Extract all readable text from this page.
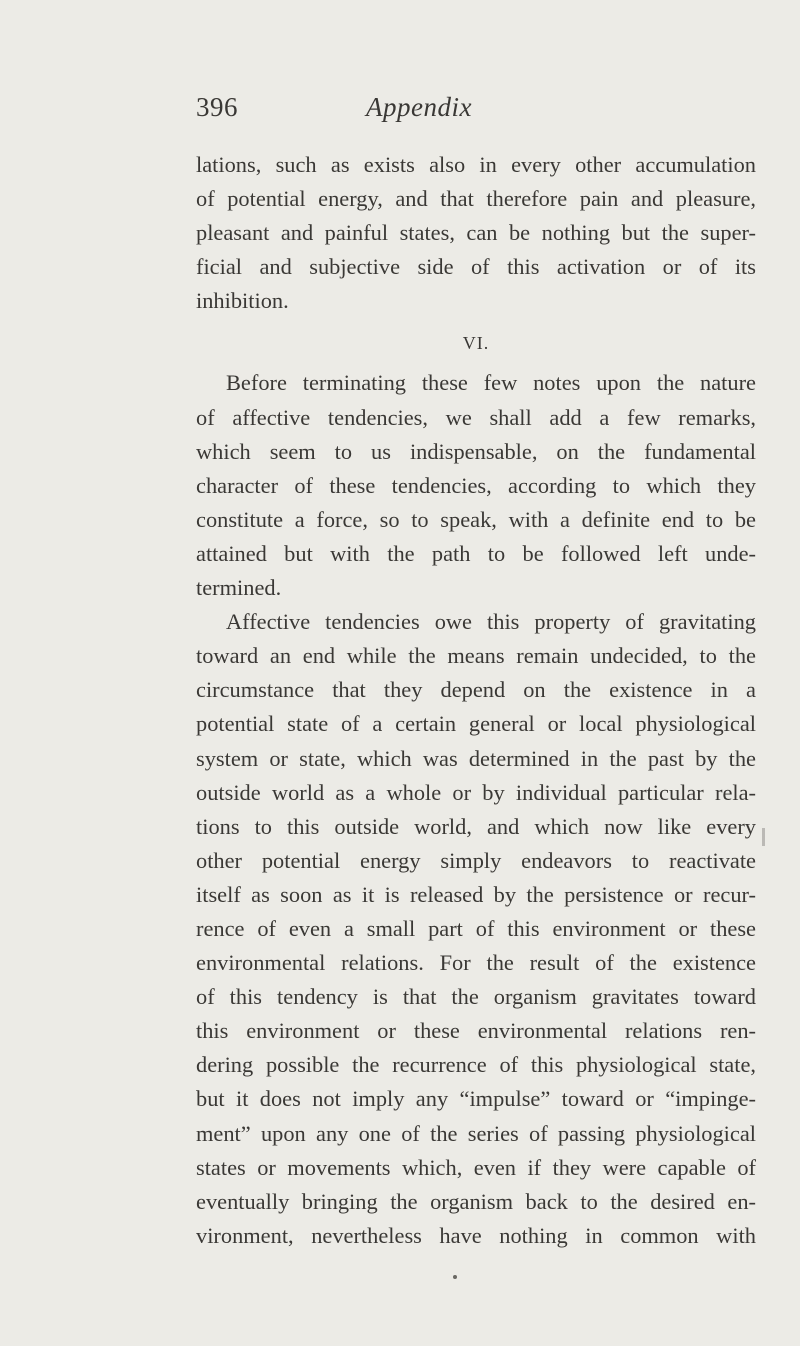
396	Appendix
lations, such as exists also in every other accumulation
of potential energy, and that therefore pain and pleasure,
pleasant and painful states, can be nothing but the super-
ficial and subjective side of this activation or of its
inhibition.
VI.
Before terminating these few notes upon the nature
of affective tendencies, we shall add a few remarks,
which seem to us indispensable, on the fundamental
character of these tendencies, according to which they
constitute a force, so to speak, with a definite end to be
attained but with the path to be followed left unde-
termined.
Affective tendencies owe this property of gravitating
toward an end while the means remain undecided, to the
circumstance that they depend on the existence in a
potential state of a certain general or local physiological
system or state, which was determined in the past by the
outside world as a whole or by individual particular rela-
tions to this outside world, and which now like every
other potential energy simply endeavors to reactivate
itself as soon as it is released by the persistence or recur-
rence of even a small part of this environment or these
environmental relations. For the result of the existence
of this tendency is that the organism gravitates toward
this environment or these environmental relations ren-
dering possible the recurrence of this physiological state,
but it does not imply any “impulse” toward or “impinge-
ment” upon any one of the series of passing physiological
states or movements which, even if they were capable of
eventually bringing the organism back to the desired en-
vironment, nevertheless have nothing in common with
